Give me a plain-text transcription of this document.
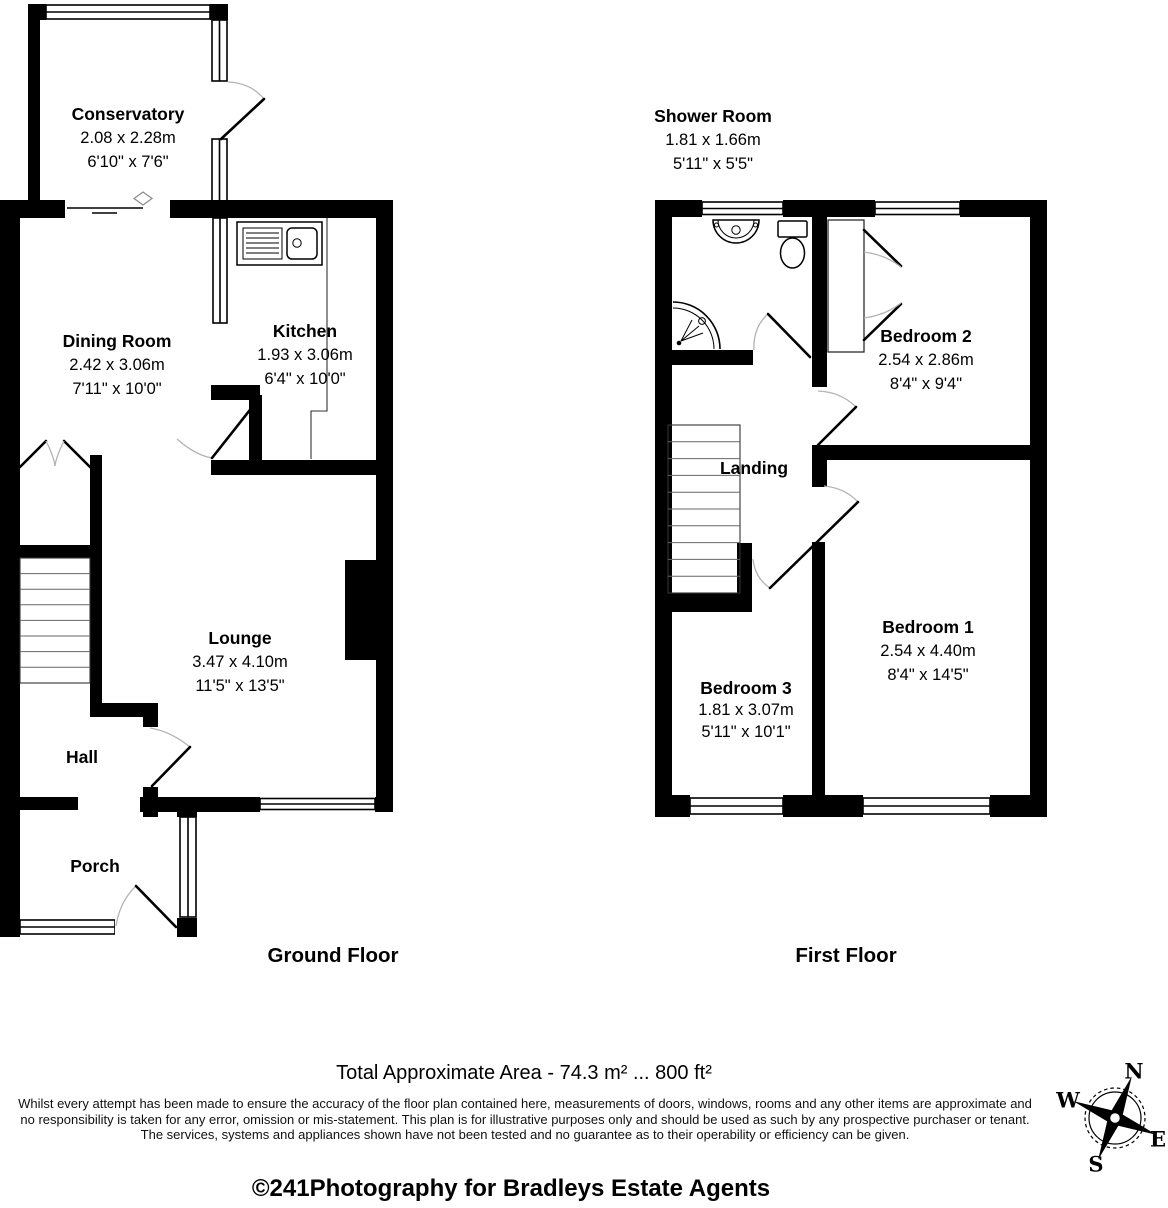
Conservatory
2.08 x 2.28m
6'10" x 7'6"
Dining Room
2.42 x 3.06m
7'11" x 10'0"
Kitchen
1.93 x 3.06m
6'4" x 10'0"
Lounge
3.47 x 4.10m
11'5" x 13'5"
Hall
Porch
Shower Room
1.81 x 1.66m
5'11" x 5'5"
Bedroom 2
2.54 x 2.86m
8'4" x 9'4"
Landing
Bedroom 1
2.54 x 4.40m
8'4" x 14'5"
Bedroom 3
1.81 x 3.07m
5'11" x 10'1"
Ground Floor	First Floor
Total Approximate Area - 74.3 m² ... 800 ft²
Whilst every attempt has been made to ensure the accuracy of the floor plan contained here, measurements of doors, windows, rooms and any other items are approximate and
no responsibility is taken for any error, omission or mis-statement. This plan is for illustrative purposes only and should be used as such by any prospective purchaser or tenant.
The services, systems and appliances shown have not been tested and no guarantee as to their operability or efficiency can be given.
©241Photography for Bradleys Estate Agents
N
W
E
S
